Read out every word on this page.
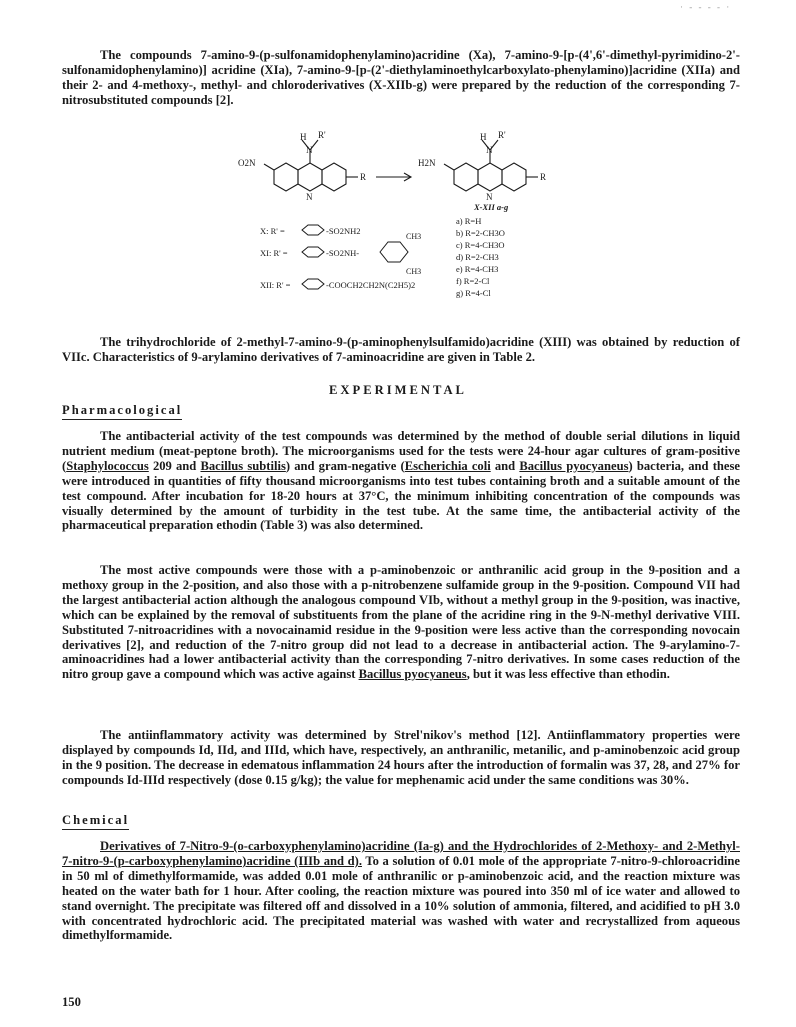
· - - - - ·
The compounds 7-amino-9-(p-sulfonamidophenylamino)acridine (Xa), 7-amino-9-[p-(4',6'-dimethyl-pyrimidino-2'-sulfonamidophenylamino)] acridine (XIa), 7-amino-9-[p-(2'-diethylaminoethylcarboxylato-phenylamino)]acridine (XIIa) and their 2- and 4-methoxy-, methyl- and chloroderivatives (X-XIIb-g) were prepared by the reduction of the corresponding 7-nitrosubstituted compounds [2].
H R'
N
O2N
R
N
H R'
N
H2N
R
N
X-XII a-g
X: R' =	-SO2NH2
XI: R' =	-SO2NH-
CH3
CH3
XII: R' =	-COOCH2CH2N(C2H5)2
a) R=H
b) R=2-CH3O
c) R=4-CH3O
d) R=2-CH3
e) R=4-CH3
f) R=2-Cl
g) R=4-Cl
The trihydrochloride of 2-methyl-7-amino-9-(p-aminophenylsulfamido)acridine (XIII) was obtained by reduction of VIIc. Characteristics of 9-arylamino derivatives of 7-aminoacridine are given in Table 2.
EXPERIMENTAL
Pharmacological
The antibacterial activity of the test compounds was determined by the method of double serial dilutions in liquid nutrient medium (meat-peptone broth). The microorganisms used for the tests were 24-hour agar cultures of gram-positive (Staphylococcus 209 and Bacillus subtilis) and gram-negative (Escherichia coli and Bacillus pyocyaneus) bacteria, and these were introduced in quantities of fifty thousand microorganisms into test tubes containing broth and a suitable amount of the test compound. After incubation for 18-20 hours at 37°C, the minimum inhibiting concentration of the compounds was visually determined by the amount of turbidity in the test tube. At the same time, the antibacterial activity of the pharmaceutical preparation ethodin (Table 3) was also determined.
The most active compounds were those with a p-aminobenzoic or anthranilic acid group in the 9-position and a methoxy group in the 2-position, and also those with a p-nitrobenzene sulfamide group in the 9-position. Compound VII had the largest antibacterial action although the analogous compound VIb, without a methyl group in the 9-position, was inactive, which can be explained by the removal of substituents from the plane of the acridine ring in the 9-N-methyl derivative VIII. Substituted 7-nitroacridines with a novocainamid residue in the 9-position were less active than the corresponding novocain derivatives [2], and reduction of the 7-nitro group did not lead to a decrease in antibacterial action. The 9-arylamino-7-aminoacridines had a lower antibacterial activity than the corresponding 7-nitro derivatives. In some cases reduction of the nitro group gave a compound which was active against Bacillus pyocyaneus, but it was less effective than ethodin.
The antiinflammatory activity was determined by Strel'nikov's method [12]. Antiinflammatory properties were displayed by compounds Id, IId, and IIId, which have, respectively, an anthranilic, metanilic, and p-aminobenzoic acid group in the 9 position. The decrease in edematous inflammation 24 hours after the introduction of formalin was 37, 28, and 27% for compounds Id-IIId respectively (dose 0.15 g/kg); the value for mephenamic acid under the same conditions was 30%.
Chemical
Derivatives of 7-Nitro-9-(o-carboxyphenylamino)acridine (Ia-g) and the Hydrochlorides of 2-Methoxy- and 2-Methyl-7-nitro-9-(p-carboxyphenylamino)acridine (IIIb and d). To a solution of 0.01 mole of the appropriate 7-nitro-9-chloroacridine in 50 ml of dimethylformamide, was added 0.01 mole of anthranilic or p-aminobenzoic acid, and the reaction mixture was heated on the water bath for 1 hour. After cooling, the reaction mixture was poured into 350 ml of ice water and allowed to stand overnight. The precipitate was filtered off and dissolved in a 10% solution of ammonia, filtered, and acidified to pH 3.0 with concentrated hydrochloric acid. The precipitated material was washed with water and recrystallized from aqueous dimethylformamide.
150
